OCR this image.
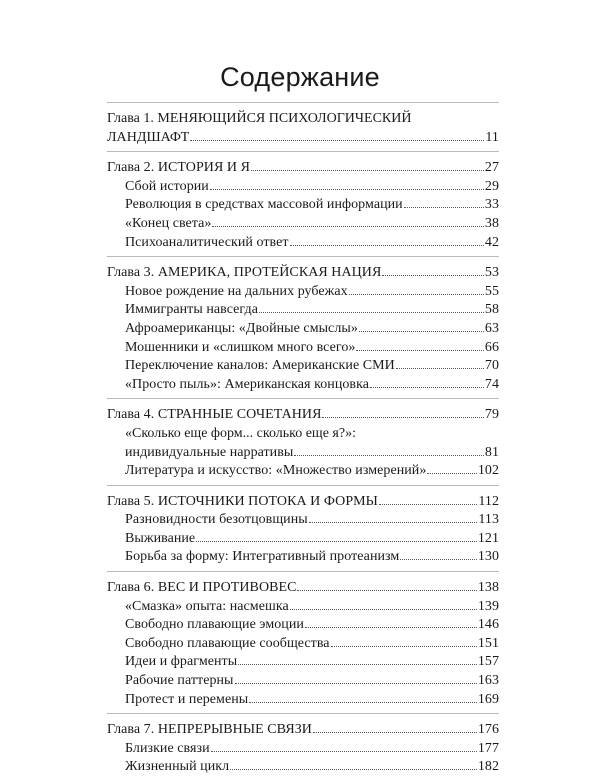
Содержание
Глава 1. МЕНЯЮЩИЙСЯ ПСИХОЛОГИЧЕСКИЙ
ЛАНДШАФТ	11
Глава 2. ИСТОРИЯ И Я	27
Сбой истории	29
Революция в средствах массовой информации	33
«Конец света»	38
Психоаналитический ответ	42
Глава 3. АМЕРИКА, ПРОТЕЙСКАЯ НАЦИЯ	53
Новое рождение на дальних рубежах	55
Иммигранты навсегда	58
Афроамериканцы: «Двойные смыслы»	63
Мошенники и «слишком много всего»	66
Переключение каналов: Американские СМИ	70
«Просто пыль»: Американская концовка	74
Глава 4. СТРАННЫЕ СОЧЕТАНИЯ	79
«Сколько еще форм... сколько еще я?»:
индивидуальные нарративы	81
Литература и искусство: «Множество измерений»	102
Глава 5. ИСТОЧНИКИ ПОТОКА И ФОРМЫ	112
Разновидности безотцовщины	113
Выживание	121
Борьба за форму: Интегративный протеанизм	130
Глава 6. ВЕС И ПРОТИВОВЕС	138
«Смазка» опыта: насмешка	139
Свободно плавающие эмоции	146
Свободно плавающие сообщества	151
Идеи и фрагменты	157
Рабочие паттерны	163
Протест и перемены	169
Глава 7. НЕПРЕРЫВНЫЕ СВЯЗИ	176
Близкие связи	177
Жизненный цикл	182
